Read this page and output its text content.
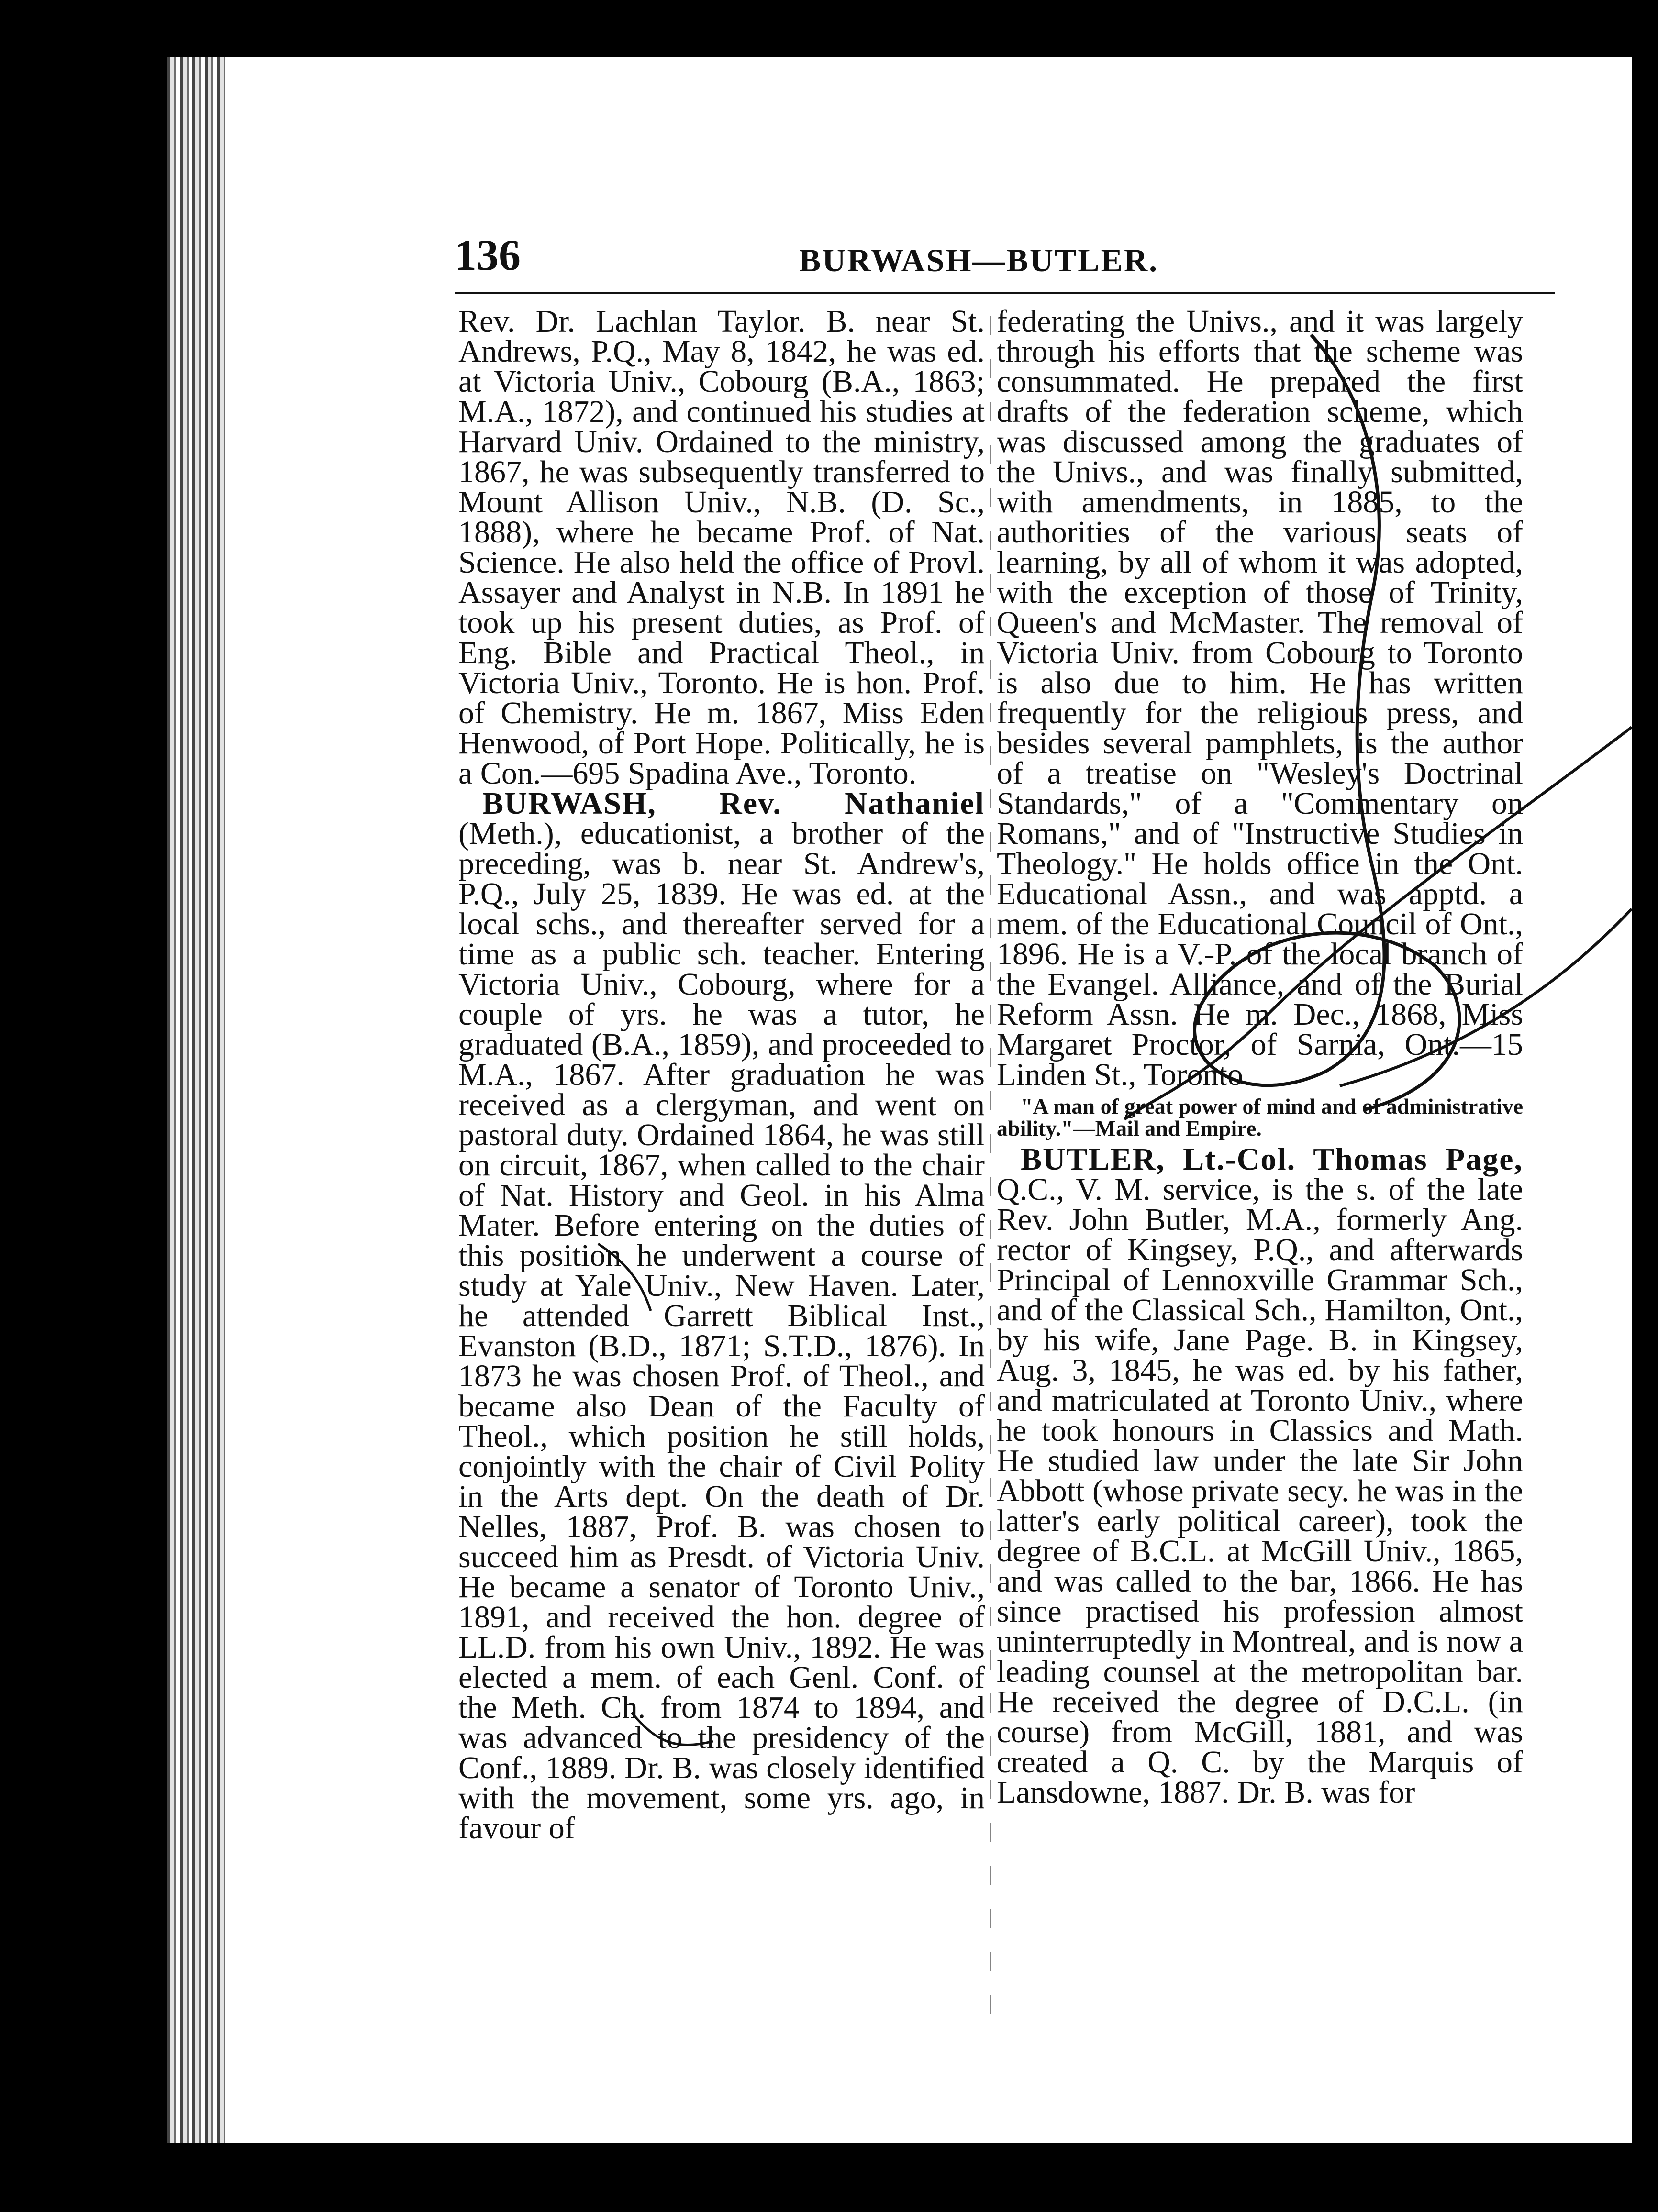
136	BURWASH—BUTLER.

Rev. Dr. Lachlan Taylor. B. near St. Andrews, P.Q., May 8, 1842, he was ed. at Victoria Univ., Cobourg (B.A., 1863; M.A., 1872), and continued his studies at Harvard Univ. Ordained to the ministry, 1867, he was subsequently transferred to Mount Allison Univ., N.B. (D. Sc., 1888), where he became Prof. of Nat. Science. He also held the office of Provl. Assayer and Analyst in N.B. In 1891 he took up his present duties, as Prof. of Eng. Bible and Practical Theol., in Victoria Univ., Toronto. He is hon. Prof. of Chemistry. He m. 1867, Miss Eden Henwood, of Port Hope. Politically, he is a Con.—695 Spadina Ave., Toronto.

BURWASH, Rev. Nathaniel (Meth.), educationist, a brother of the preceding, was b. near St. Andrew's, P.Q., July 25, 1839. He was ed. at the local schs., and thereafter served for a time as a public sch. teacher. Entering Victoria Univ., Cobourg, where for a couple of yrs. he was a tutor, he graduated (B.A., 1859), and proceeded to M.A., 1867. After graduation he was received as a clergyman, and went on pastoral duty. Ordained 1864, he was still on circuit, 1867, when called to the chair of Nat. History and Geol. in his Alma Mater. Before entering on the duties of this position he underwent a course of study at Yale Univ., New Haven. Later, he attended Garrett Biblical Inst., Evanston (B.D., 1871; S.T.D., 1876). In 1873 he was chosen Prof. of Theol., and became also Dean of the Faculty of Theol., which position he still holds, conjointly with the chair of Civil Polity in the Arts dept. On the death of Dr. Nelles, 1887, Prof. B. was chosen to succeed him as Presdt. of Victoria Univ. He became a senator of Toronto Univ., 1891, and received the hon. degree of LL.D. from his own Univ., 1892. He was elected a mem. of each Genl. Conf. of the Meth. Ch. from 1874 to 1894, and was advanced to the presidency of the Conf., 1889. Dr. B. was closely identified with the movement, some yrs. ago, in favour of

federating the Univs., and it was largely through his efforts that the scheme was consummated. He prepared the first drafts of the federation scheme, which was discussed among the graduates of the Univs., and was finally submitted, with amendments, in 1885, to the authorities of the various seats of learning, by all of whom it was adopted, with the exception of those of Trinity, Queen's and McMaster. The removal of Victoria Univ. from Cobourg to Toronto is also due to him. He has written frequently for the religious press, and besides several pamphlets, is the author of a treatise on "Wesley's Doctrinal Standards," of a "Commentary on Romans," and of "Instructive Studies in Theology." He holds office in the Ont. Educational Assn., and was apptd. a mem. of the Educational Council of Ont., 1896. He is a V.-P. of the local branch of the Evangel. Alliance, and of the Burial Reform Assn. He m. Dec., 1868, Miss Margaret Proctor, of Sarnia, Ont.—15 Linden St., Toronto.

"A man of great power of mind and of administrative ability."—Mail and Empire.

BUTLER, Lt.-Col. Thomas Page, Q.C., V. M. service, is the s. of the late Rev. John Butler, M.A., formerly Ang. rector of Kingsey, P.Q., and afterwards Principal of Lennoxville Grammar Sch., and of the Classical Sch., Hamilton, Ont., by his wife, Jane Page. B. in Kingsey, Aug. 3, 1845, he was ed. by his father, and matriculated at Toronto Univ., where he took honours in Classics and Math. He studied law under the late Sir John Abbott (whose private secy. he was in the latter's early political career), took the degree of B.C.L. at McGill Univ., 1865, and was called to the bar, 1866. He has since practised his profession almost uninterruptedly in Montreal, and is now a leading counsel at the metropolitan bar. He received the degree of D.C.L. (in course) from McGill, 1881, and was created a Q. C. by the Marquis of Lansdowne, 1887. Dr. B. was for
